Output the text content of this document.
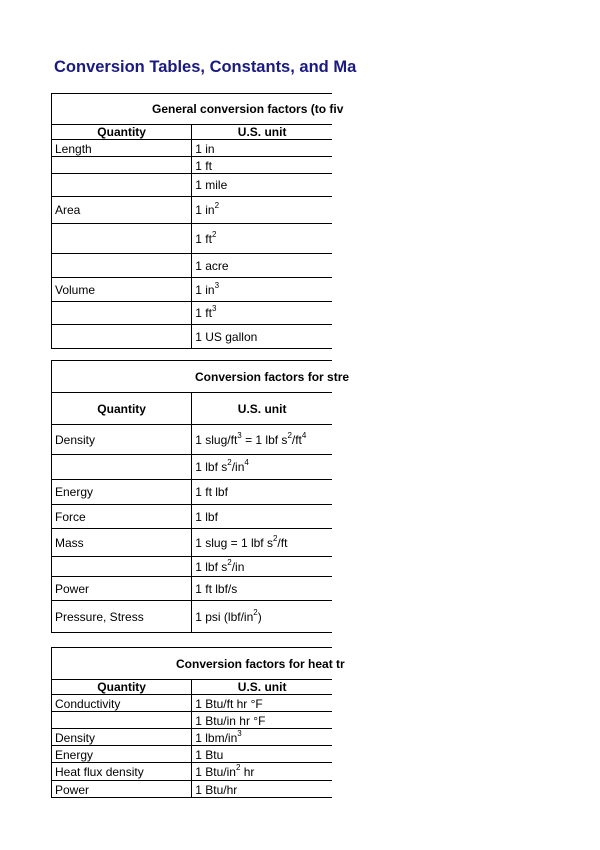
Conversion Tables, Constants, and Ma
General conversion factors (to fiv	

Quantity	U.S. unit
Length	1 in
	1 ft
	1 mile
Area	1 $in^2$
	1 $ft^2$
	1 acre
Volume	1 $in^3$
	1 $ft^3$
	1 US gallon
Conversion factors for stre	

Quantity	U.S. unit
Density	1 slug/$ft^3 = 1$ lbf $s^2/ft^4$
	1 lbf $s^2/in^4$
Energy	1 ft lbf
Force	1 lbf
Mass	1 slug = 1 lbf $s^2/ft$
	1 lbf $s^2/in$
Power	1 ft lbf/s
Pressure, Stress	1 psi $(lbf/in^2)$
Conversion factors for heat tr	

Quantity	U.S. unit
Conductivity	1 Btu/ft hr °F
	1 Btu/in hr °F
Density	1 lbm/$in^3$
Energy	1 Btu
Heat flux density	1 Btu/$in^2$ hr
Power	1 Btu/hr
